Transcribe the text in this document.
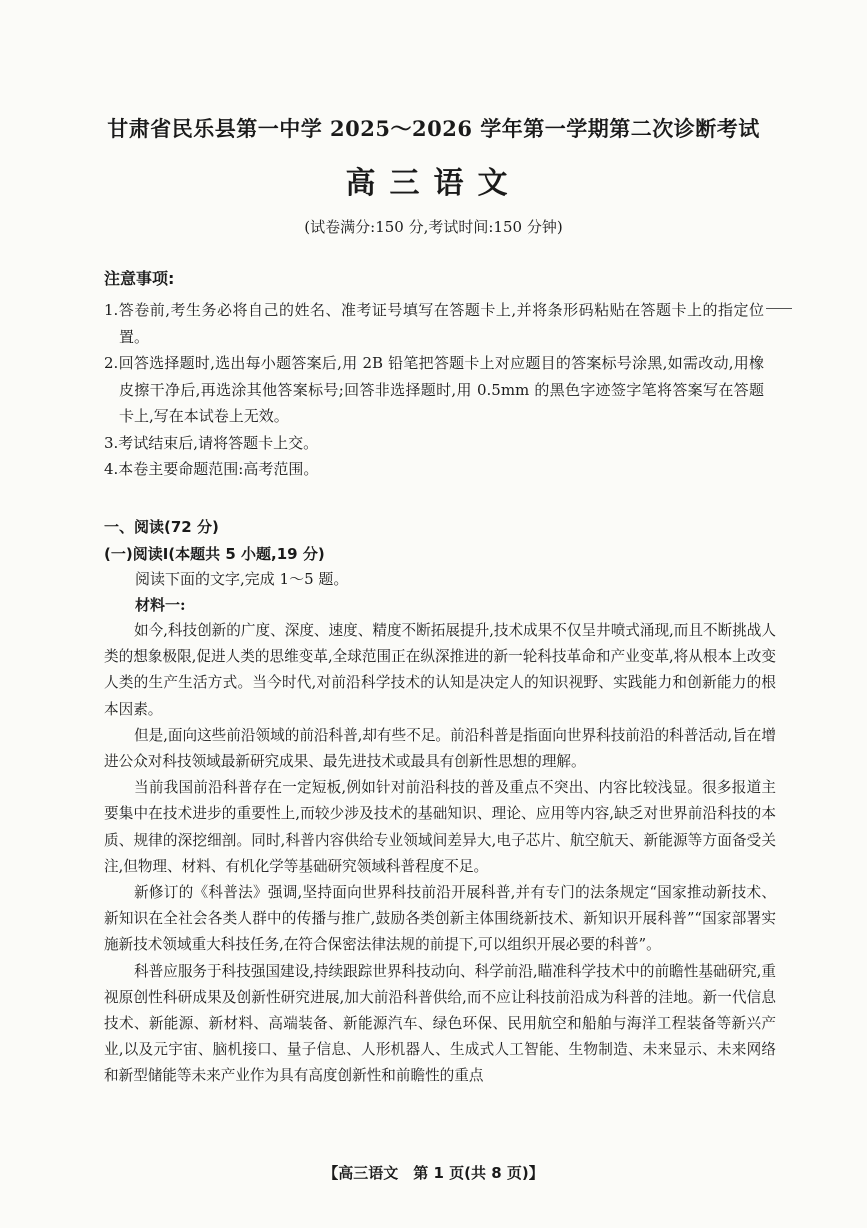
甘肃省民乐县第一中学 2025～2026 学年第一学期第二次诊断考试
高三语文
(试卷满分:150 分,考试时间:150 分钟)
注意事项:
1.答卷前,考生务必将自己的姓名、准考证号填写在答题卡上,并将条形码粘贴在答题卡上的指定位置。
2.回答选择题时,选出每小题答案后,用 2B 铅笔把答题卡上对应题目的答案标号涂黑,如需改动,用橡皮擦干净后,再选涂其他答案标号;回答非选择题时,用 0.5mm 的黑色字迹签字笔将答案写在答题卡上,写在本试卷上无效。
3.考试结束后,请将答题卡上交。
4.本卷主要命题范围:高考范围。
一、阅读(72 分)
(一)阅读Ⅰ(本题共 5 小题,19 分)
阅读下面的文字,完成 1～5 题。
材料一:

如今,科技创新的广度、深度、速度、精度不断拓展提升,技术成果不仅呈井喷式涌现,而且不断挑战人类的想象极限,促进人类的思维变革,全球范围正在纵深推进的新一轮科技革命和产业变革,将从根本上改变人类的生产生活方式。当今时代,对前沿科学技术的认知是决定人的知识视野、实践能力和创新能力的根本因素。

但是,面向这些前沿领域的前沿科普,却有些不足。前沿科普是指面向世界科技前沿的科普活动,旨在增进公众对科技领域最新研究成果、最先进技术或最具有创新性思想的理解。

当前我国前沿科普存在一定短板,例如针对前沿科技的普及重点不突出、内容比较浅显。很多报道主要集中在技术进步的重要性上,而较少涉及技术的基础知识、理论、应用等内容,缺乏对世界前沿科技的本质、规律的深挖细剖。同时,科普内容供给专业领域间差异大,电子芯片、航空航天、新能源等方面备受关注,但物理、材料、有机化学等基础研究领域科普程度不足。

新修订的《科普法》强调,坚持面向世界科技前沿开展科普,并有专门的法条规定“国家推动新技术、新知识在全社会各类人群中的传播与推广,鼓励各类创新主体围绕新技术、新知识开展科普”“国家部署实施新技术领域重大科技任务,在符合保密法律法规的前提下,可以组织开展必要的科普”。

科普应服务于科技强国建设,持续跟踪世界科技动向、科学前沿,瞄准科学技术中的前瞻性基础研究,重视原创性科研成果及创新性研究进展,加大前沿科普供给,而不应让科技前沿成为科普的洼地。新一代信息技术、新能源、新材料、高端装备、新能源汽车、绿色环保、民用航空和船舶与海洋工程装备等新兴产业,以及元宇宙、脑机接口、量子信息、人形机器人、生成式人工智能、生物制造、未来显示、未来网络和新型储能等未来产业作为具有高度创新性和前瞻性的重点

【高三语文　第 1 页(共 8 页)】
